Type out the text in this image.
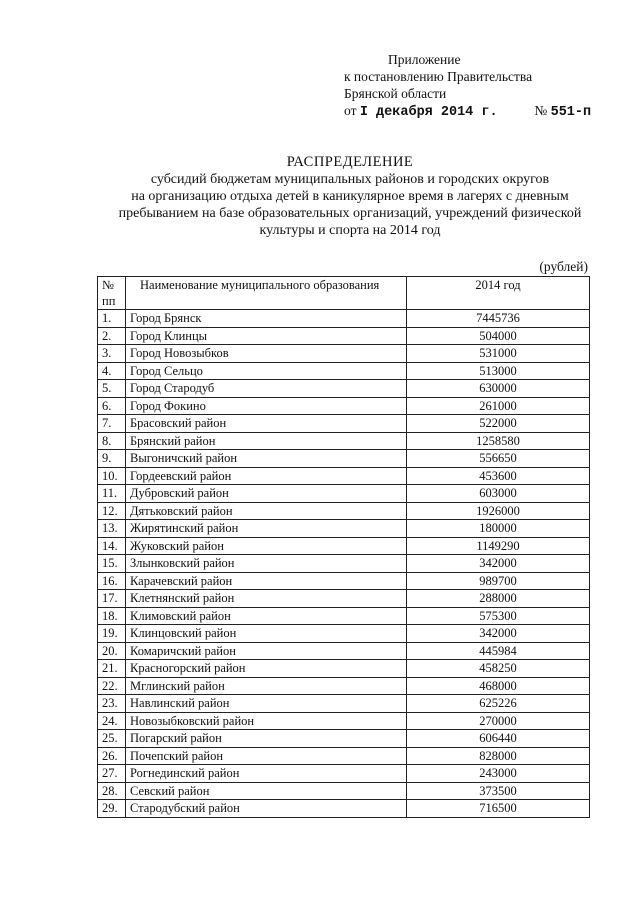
Приложение
к постановлению Правительства
Брянской области
от I декабря 2014 г.	№ 551-п
РАСПРЕДЕЛЕНИЕ
субсидий бюджетам муниципальных районов и городских округов
на организацию отдыха детей в каникулярное время в лагерях с дневным
пребыванием на базе образовательных организаций, учреждений физической
культуры и спорта на 2014 год
(рублей)
№
пп	Наименование муниципального образования	2014 год
1.	Город Брянск	7445736
2.	Город Клинцы	504000
3.	Город Новозыбков	531000
4.	Город Сельцо	513000
5.	Город Стародуб	630000
6.	Город Фокино	261000
7.	Брасовский район	522000
8.	Брянский район	1258580
9.	Выгоничский район	556650
10.	Гордеевский район	453600
11.	Дубровский район	603000
12.	Дятьковский район	1926000
13.	Жирятинский район	180000
14.	Жуковский район	1149290
15.	Злынковский район	342000
16.	Карачевский район	989700
17.	Клетнянский район	288000
18.	Климовский район	575300
19.	Клинцовский район	342000
20.	Комаричский район	445984
21.	Красногорский район	458250
22.	Мглинский район	468000
23.	Навлинский район	625226
24.	Новозыбковский район	270000
25.	Погарский район	606440
26.	Почепский район	828000
27.	Рогнединский район	243000
28.	Севский район	373500
29.	Стародубский район	716500
